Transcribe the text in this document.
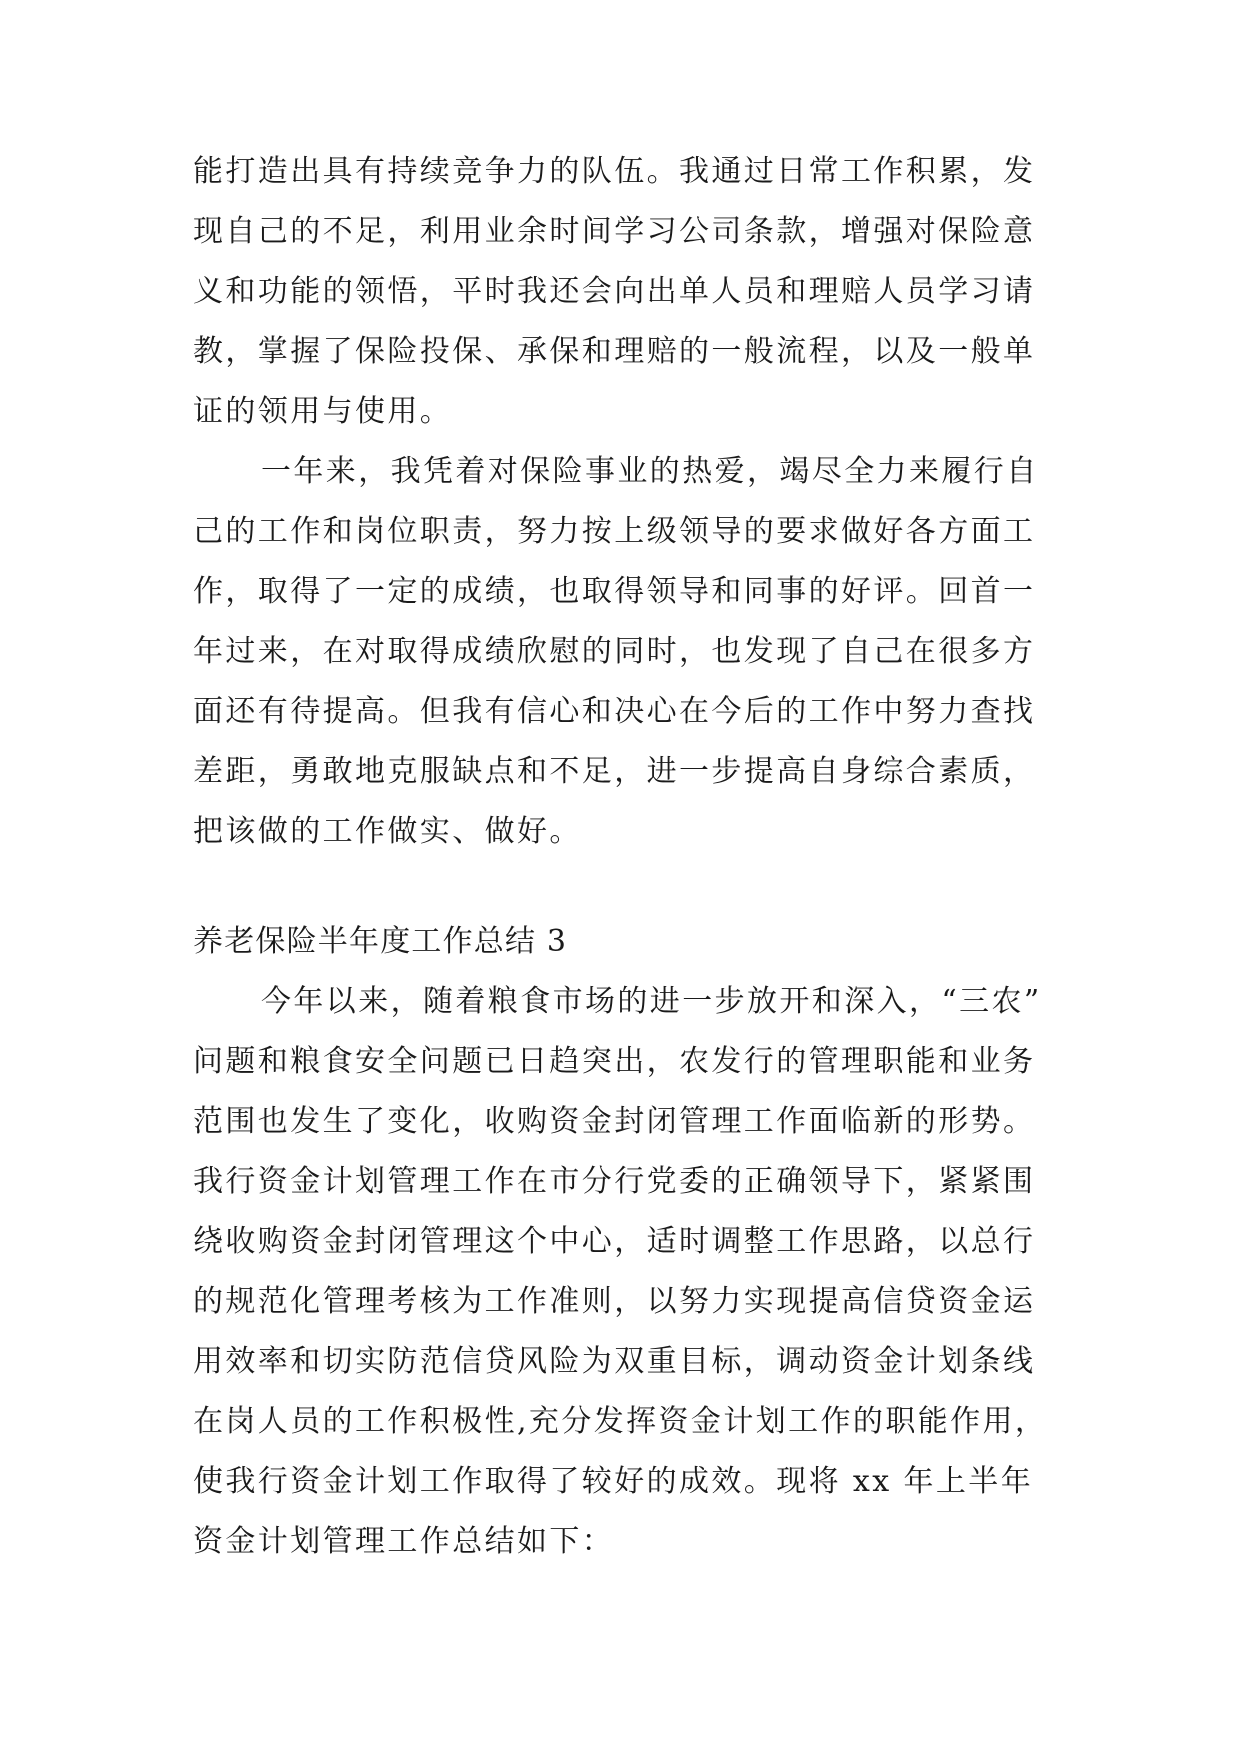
能打造出具有持续竞争力的队伍。我通过日常工作积累，发
现自己的不足，利用业余时间学习公司条款，增强对保险意
义和功能的领悟，平时我还会向出单人员和理赔人员学习请
教，掌握了保险投保、承保和理赔的一般流程，以及一般单
证的领用与使用。
一年来，我凭着对保险事业的热爱，竭尽全力来履行自
己的工作和岗位职责，努力按上级领导的要求做好各方面工
作，取得了一定的成绩，也取得领导和同事的好评。回首一
年过来，在对取得成绩欣慰的同时，也发现了自己在很多方
面还有待提高。但我有信心和决心在今后的工作中努力查找
差距，勇敢地克服缺点和不足，进一步提高自身综合素质，
把该做的工作做实、做好。
养老保险半年度工作总结 3
今年以来，随着粮食市场的进一步放开和深入，“三农”
问题和粮食安全问题已日趋突出，农发行的管理职能和业务
范围也发生了变化，收购资金封闭管理工作面临新的形势。
我行资金计划管理工作在市分行党委的正确领导下，紧紧围
绕收购资金封闭管理这个中心，适时调整工作思路，以总行
的规范化管理考核为工作准则，以努力实现提高信贷资金运
用效率和切实防范信贷风险为双重目标，调动资金计划条线
在岗人员的工作积极性,充分发挥资金计划工作的职能作用，
使我行资金计划工作取得了较好的成效。现将 xx 年上半年
资金计划管理工作总结如下：
